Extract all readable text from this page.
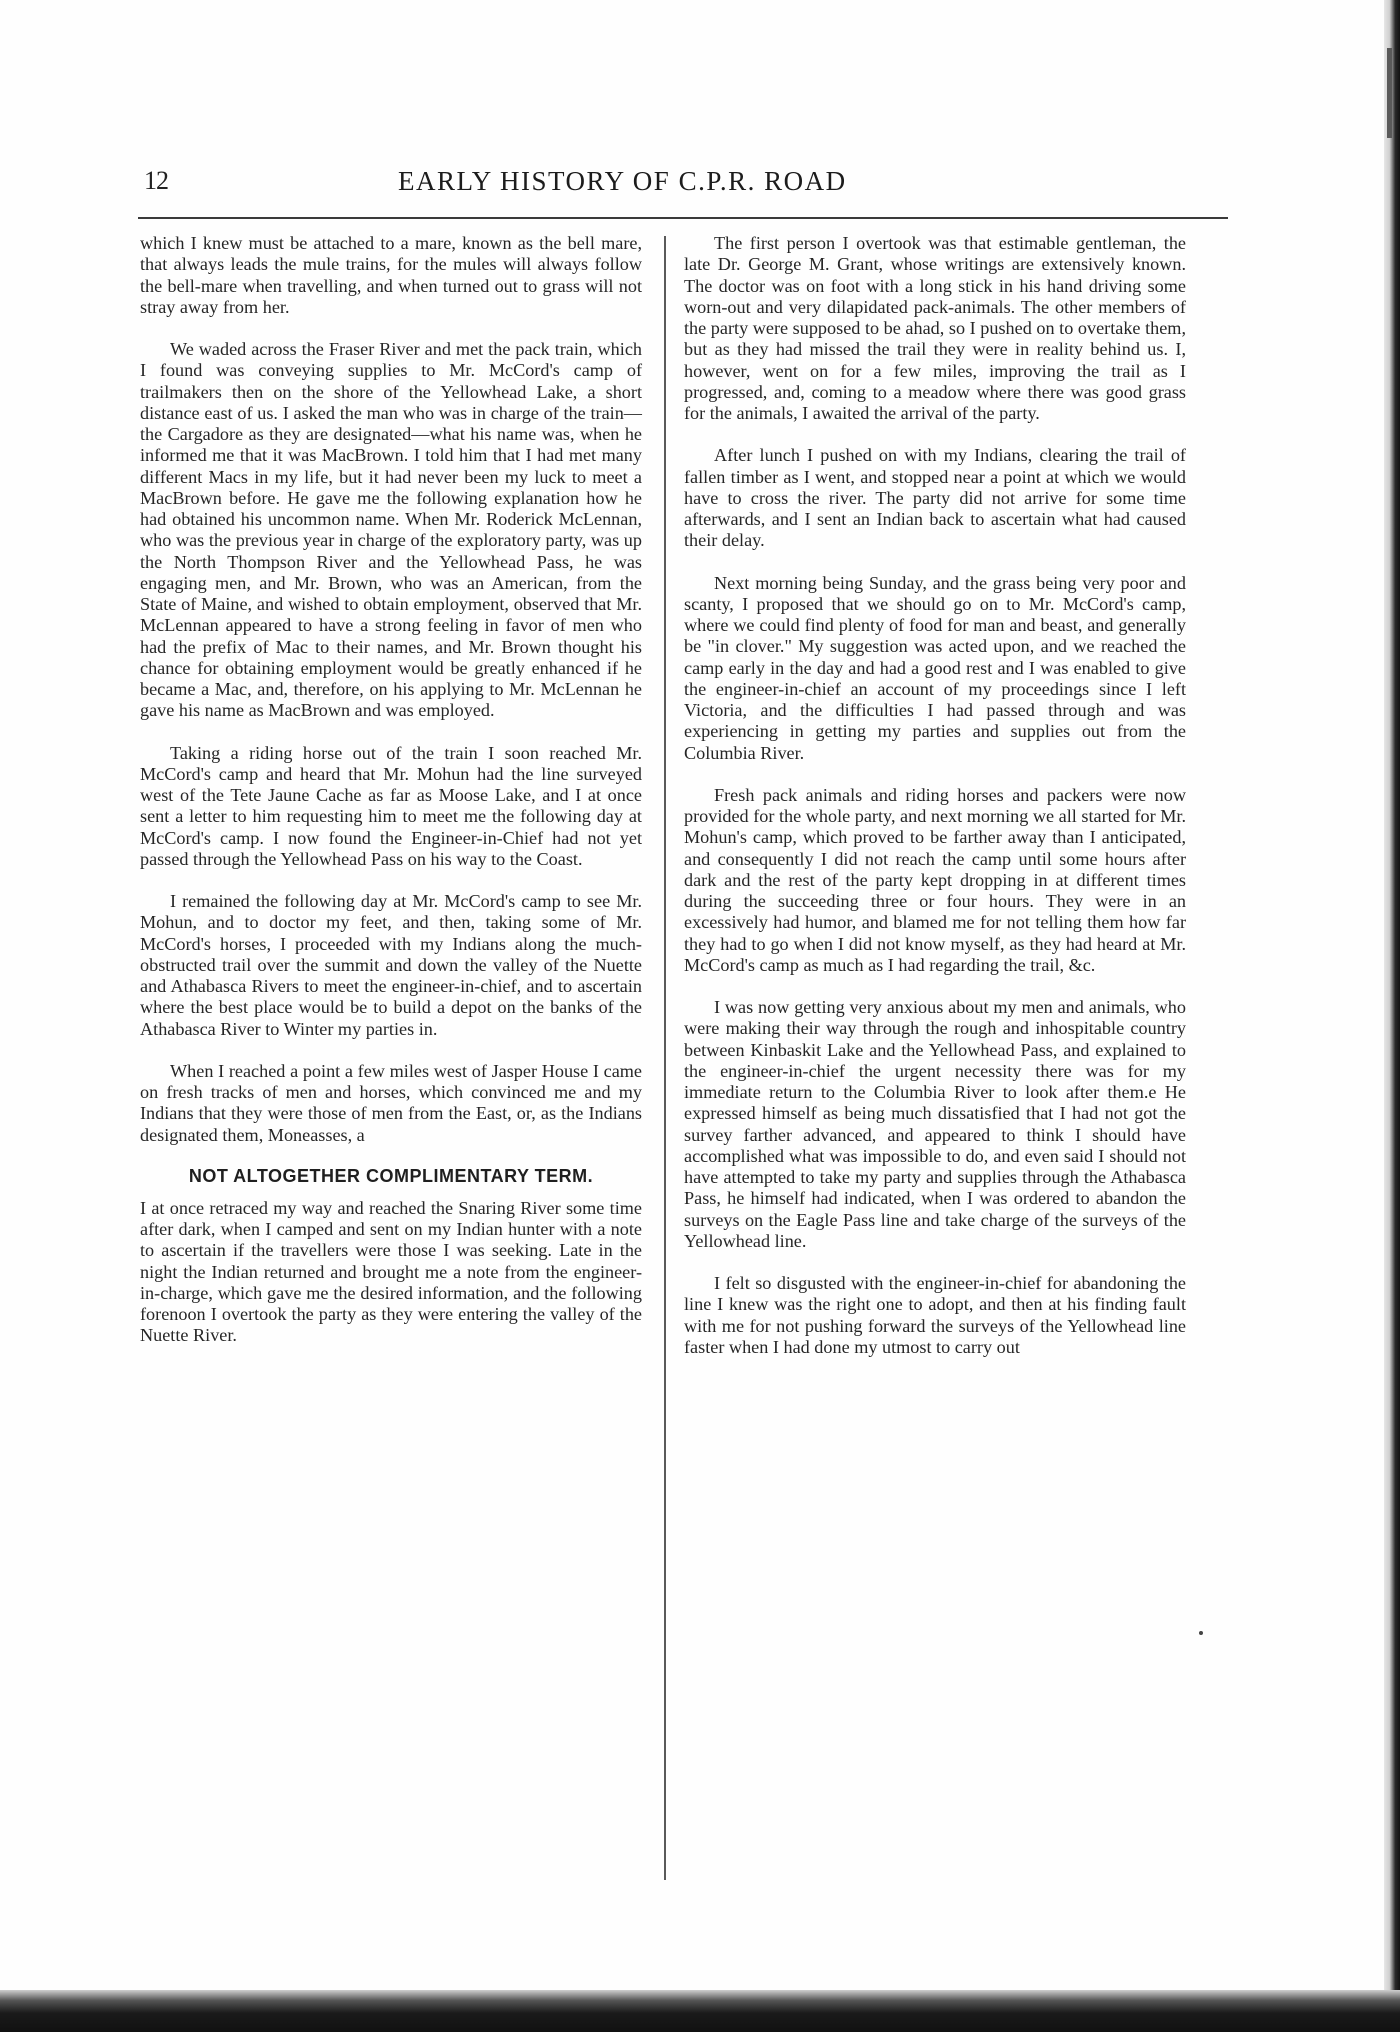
12	EARLY HISTORY OF C.P.R. ROAD

which I knew must be attached to a mare, known as the bell mare, that always leads the mule trains, for the mules will always follow the bell-mare when travelling, and when turned out to grass will not stray away from her.

We waded across the Fraser River and met the pack train, which I found was conveying supplies to Mr. McCord's camp of trailmakers then on the shore of the Yellowhead Lake, a short distance east of us. I asked the man who was in charge of the train—the Cargadore as they are designated—what his name was, when he informed me that it was MacBrown. I told him that I had met many different Macs in my life, but it had never been my luck to meet a MacBrown before. He gave me the following explanation how he had obtained his uncommon name. When Mr. Roderick McLennan, who was the previous year in charge of the exploratory party, was up the North Thompson River and the Yellowhead Pass, he was engaging men, and Mr. Brown, who was an American, from the State of Maine, and wished to obtain employment, observed that Mr. McLennan appeared to have a strong feeling in favor of men who had the prefix of Mac to their names, and Mr. Brown thought his chance for obtaining employment would be greatly enhanced if he became a Mac, and, therefore, on his applying to Mr. McLennan he gave his name as MacBrown and was employed.

Taking a riding horse out of the train I soon reached Mr. McCord's camp and heard that Mr. Mohun had the line surveyed west of the Tete Jaune Cache as far as Moose Lake, and I at once sent a letter to him requesting him to meet me the following day at McCord's camp. I now found the Engineer-in-Chief had not yet passed through the Yellowhead Pass on his way to the Coast.

I remained the following day at Mr. McCord's camp to see Mr. Mohun, and to doctor my feet, and then, taking some of Mr. McCord's horses, I proceeded with my Indians along the much-obstructed trail over the summit and down the valley of the Nuette and Athabasca Rivers to meet the engineer-in-chief, and to ascertain where the best place would be to build a depot on the banks of the Athabasca River to Winter my parties in.

When I reached a point a few miles west of Jasper House I came on fresh tracks of men and horses, which convinced me and my Indians that they were those of men from the East, or, as the Indians designated them, Moneasses, a

NOT ALTOGETHER COMPLIMENTARY TERM.

I at once retraced my way and reached the Snaring River some time after dark, when I camped and sent on my Indian hunter with a note to ascertain if the travellers were those I was seeking. Late in the night the Indian returned and brought me a note from the engineer-in-charge, which gave me the desired information, and the following forenoon I overtook the party as they were entering the valley of the Nuette River.

The first person I overtook was that estimable gentleman, the late Dr. George M. Grant, whose writings are extensively known. The doctor was on foot with a long stick in his hand driving some worn-out and very dilapidated pack-animals. The other members of the party were supposed to be ahad, so I pushed on to overtake them, but as they had missed the trail they were in reality behind us. I, however, went on for a few miles, improving the trail as I progressed, and, coming to a meadow where there was good grass for the animals, I awaited the arrival of the party.

After lunch I pushed on with my Indians, clearing the trail of fallen timber as I went, and stopped near a point at which we would have to cross the river. The party did not arrive for some time afterwards, and I sent an Indian back to ascertain what had caused their delay.

Next morning being Sunday, and the grass being very poor and scanty, I proposed that we should go on to Mr. McCord's camp, where we could find plenty of food for man and beast, and generally be "in clover." My suggestion was acted upon, and we reached the camp early in the day and had a good rest and I was enabled to give the engineer-in-chief an account of my proceedings since I left Victoria, and the difficulties I had passed through and was experiencing in getting my parties and supplies out from the Columbia River.

Fresh pack animals and riding horses and packers were now provided for the whole party, and next morning we all started for Mr. Mohun's camp, which proved to be farther away than I anticipated, and consequently I did not reach the camp until some hours after dark and the rest of the party kept dropping in at different times during the succeeding three or four hours. They were in an excessively had humor, and blamed me for not telling them how far they had to go when I did not know myself, as they had heard at Mr. McCord's camp as much as I had regarding the trail, &c.

I was now getting very anxious about my men and animals, who were making their way through the rough and inhospitable country between Kinbaskit Lake and the Yellowhead Pass, and explained to the engineer-in-chief the urgent necessity there was for my immediate return to the Columbia River to look after them.e He expressed himself as being much dissatisfied that I had not got the survey farther advanced, and appeared to think I should have accomplished what was impossible to do, and even said I should not have attempted to take my party and supplies through the Athabasca Pass, he himself had indicated, when I was ordered to abandon the surveys on the Eagle Pass line and take charge of the surveys of the Yellowhead line.

I felt so disgusted with the engineer-in-chief for abandoning the line I knew was the right one to adopt, and then at his finding fault with me for not pushing forward the surveys of the Yellowhead line faster when I had done my utmost to carry out
